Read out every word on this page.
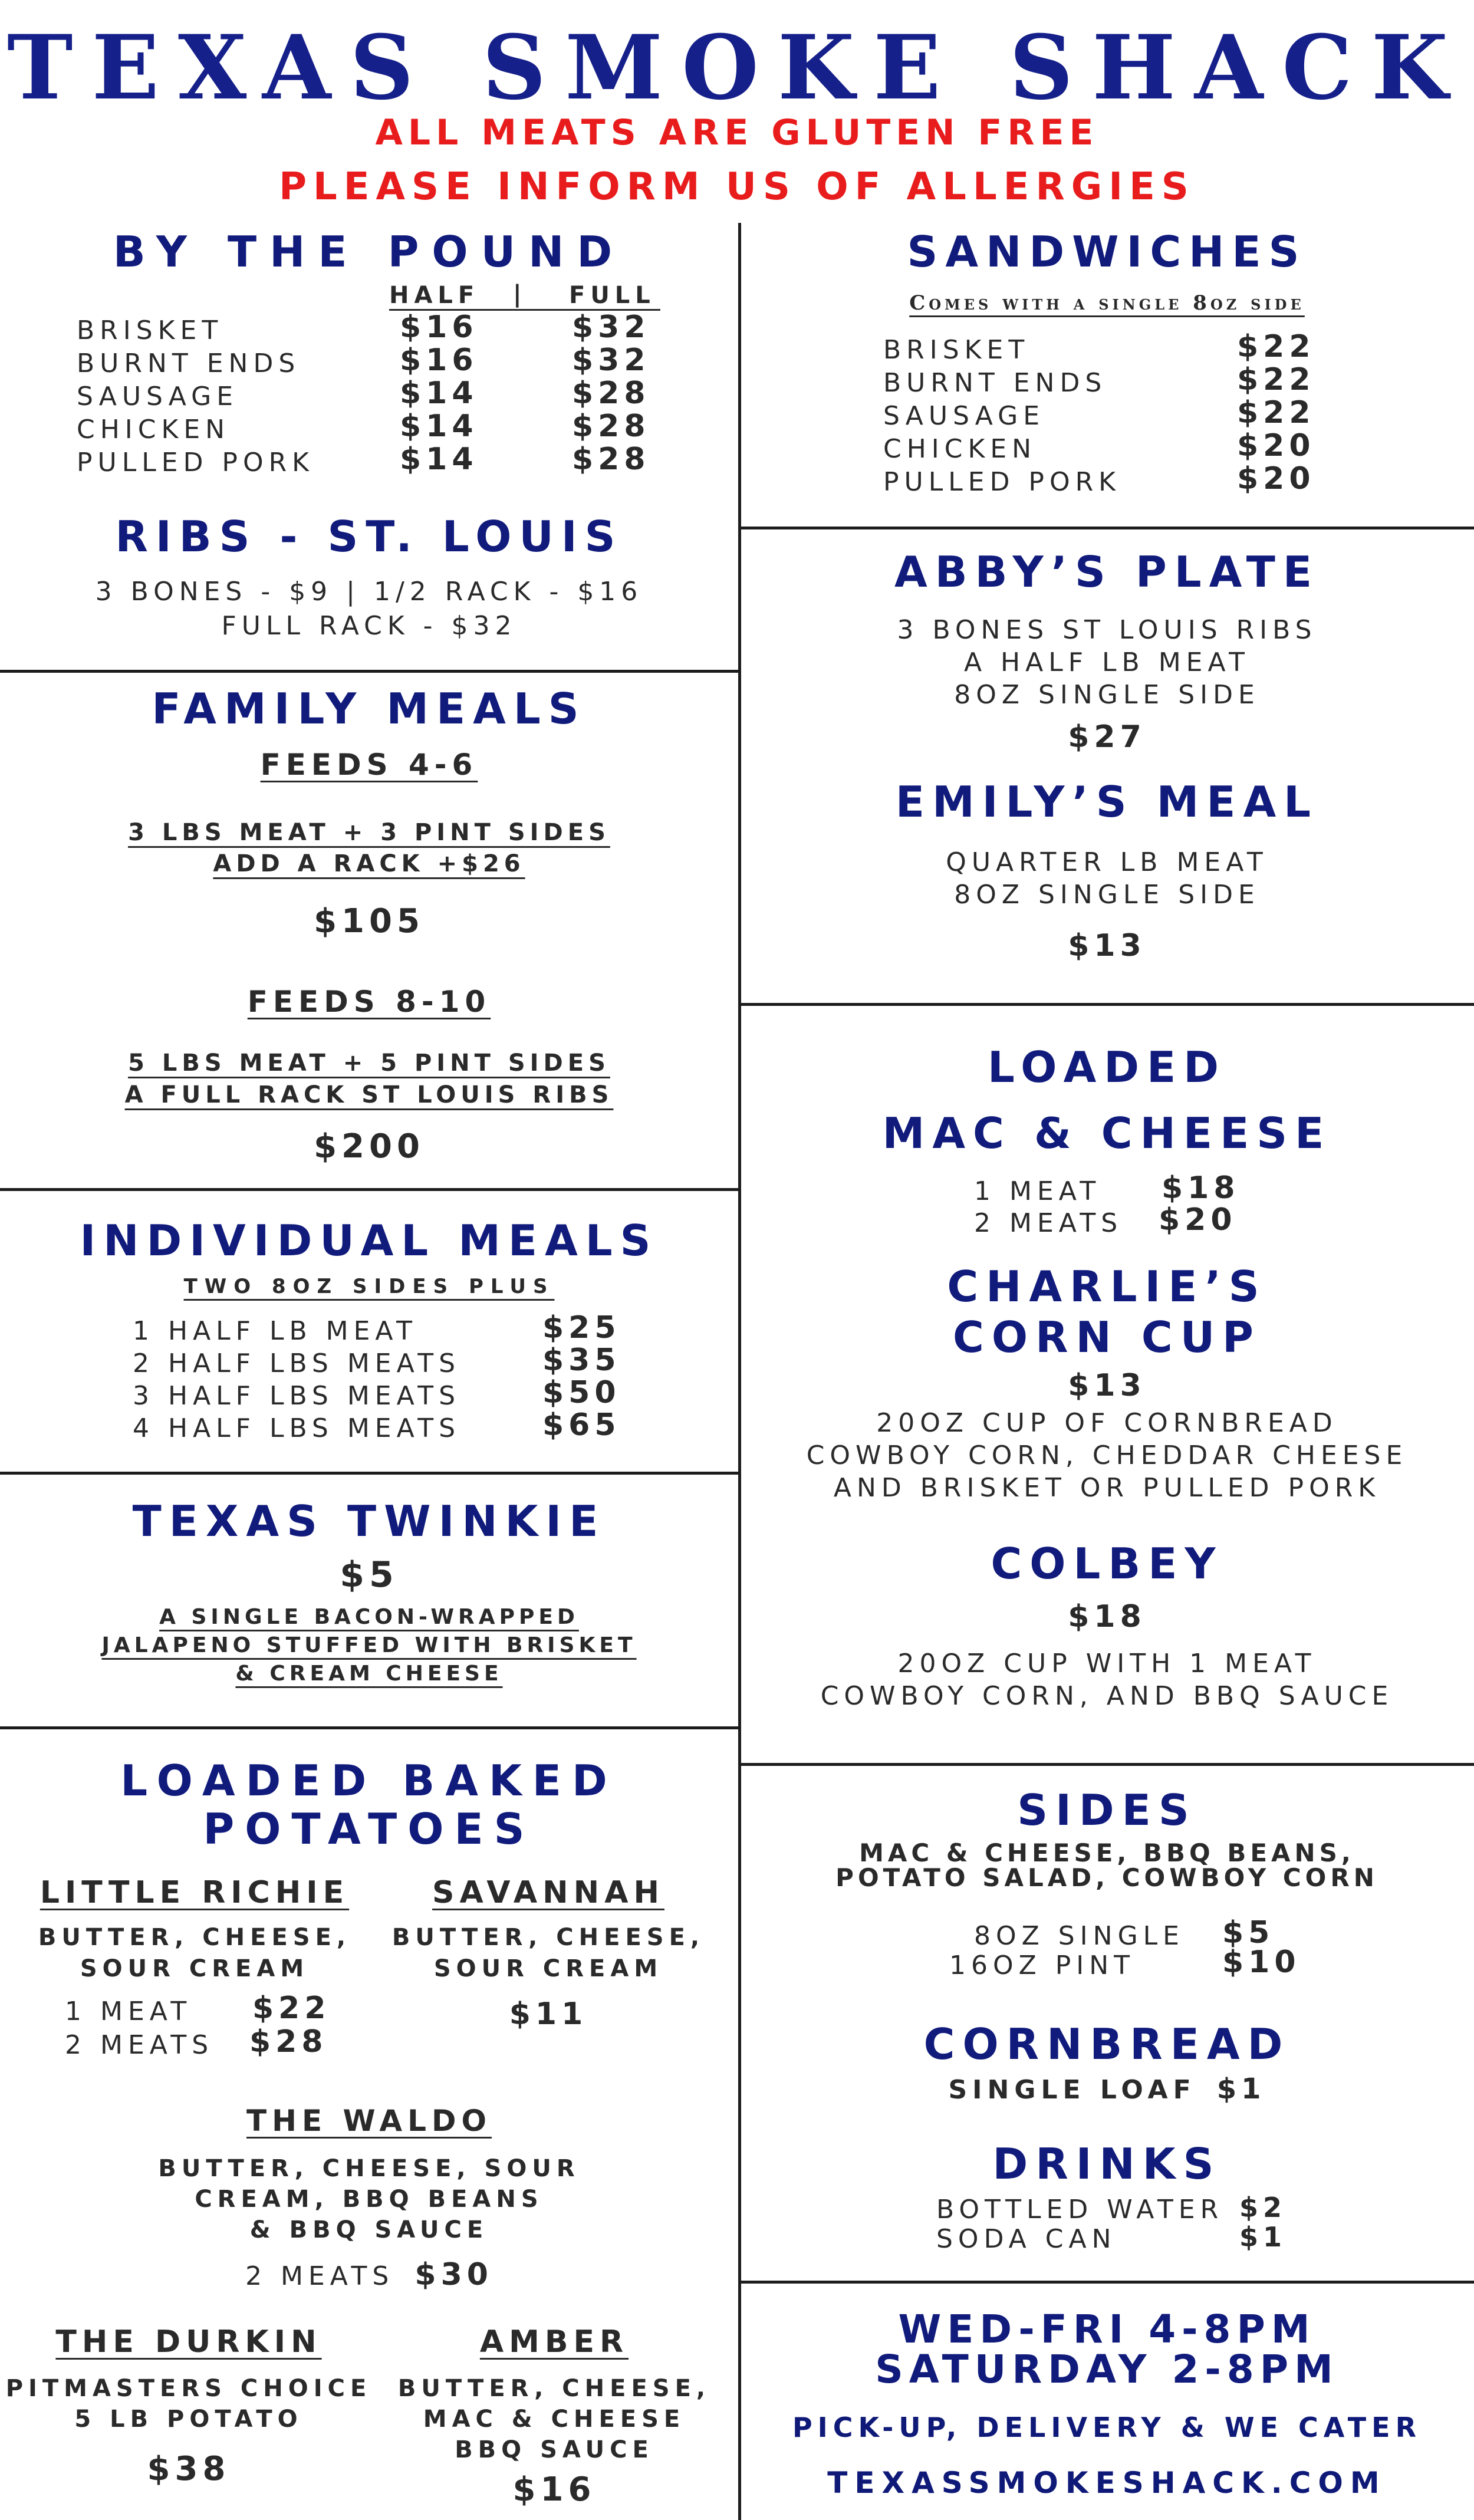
TEXAS SMOKE SHACK
ALL MEATS ARE GLUTEN FREE
PLEASE INFORM US OF ALLERGIES
BY THE POUND
HALF | FULL
BRISKET	$16	$32
BURNT ENDS	$16	$32
SAUSAGE	$14	$28
CHICKEN	$14	$28
PULLED PORK	$14	$28
RIBS - ST. LOUIS
3 BONES - $9 | 1/2 RACK - $16
FULL RACK - $32
FAMILY MEALS
FEEDS 4-6
3 LBS MEAT + 3 PINT SIDES
ADD A RACK +$26
$105
FEEDS 8-10
5 LBS MEAT + 5 PINT SIDES
A FULL RACK ST LOUIS RIBS
$200
INDIVIDUAL MEALS
TWO 8OZ SIDES PLUS
1 HALF LB MEAT	$25
2 HALF LBS MEATS	$35
3 HALF LBS MEATS	$50
4 HALF LBS MEATS	$65
TEXAS TWINKIE
$5
A SINGLE BACON-WRAPPED
JALAPENO STUFFED WITH BRISKET
& CREAM CHEESE
LOADED BAKED
POTATOES
LITTLE RICHIE
BUTTER, CHEESE,
SOUR CREAM
1 MEAT $22
2 MEATS $28
SAVANNAH
BUTTER, CHEESE,
SOUR CREAM
$11
THE WALDO
BUTTER, CHEESE, SOUR
CREAM, BBQ BEANS
& BBQ SAUCE
2 MEATS $30
THE DURKIN
PITMASTERS CHOICE
5 LB POTATO
$38
AMBER
BUTTER, CHEESE,
MAC & CHEESE
BBQ SAUCE
$16
SANDWICHES
Comes with a single 8oz side
BRISKET	$22
BURNT ENDS	$22
SAUSAGE	$22
CHICKEN	$20
PULLED PORK	$20
ABBY’S PLATE
3 BONES ST LOUIS RIBS
A HALF LB MEAT
8OZ SINGLE SIDE
$27
EMILY’S MEAL
QUARTER LB MEAT
8OZ SINGLE SIDE
$13
LOADED
MAC & CHEESE
1 MEAT $18
2 MEATS $20
CHARLIE’S
CORN CUP
$13
20OZ CUP OF CORNBREAD
COWBOY CORN, CHEDDAR CHEESE
AND BRISKET OR PULLED PORK
COLBEY
$18
20OZ CUP WITH 1 MEAT
COWBOY CORN, AND BBQ SAUCE
SIDES
MAC & CHEESE, BBQ BEANS,
POTATO SALAD, COWBOY CORN
8OZ SINGLE $5
16OZ PINT	$10
CORNBREAD
SINGLE LOAF $1
DRINKS
BOTTLED WATER $2
SODA CAN	$1
WED-FRI 4-8PM
SATURDAY 2-8PM
PICK-UP, DELIVERY & WE CATER
TEXASSMOKESHACK.COM
